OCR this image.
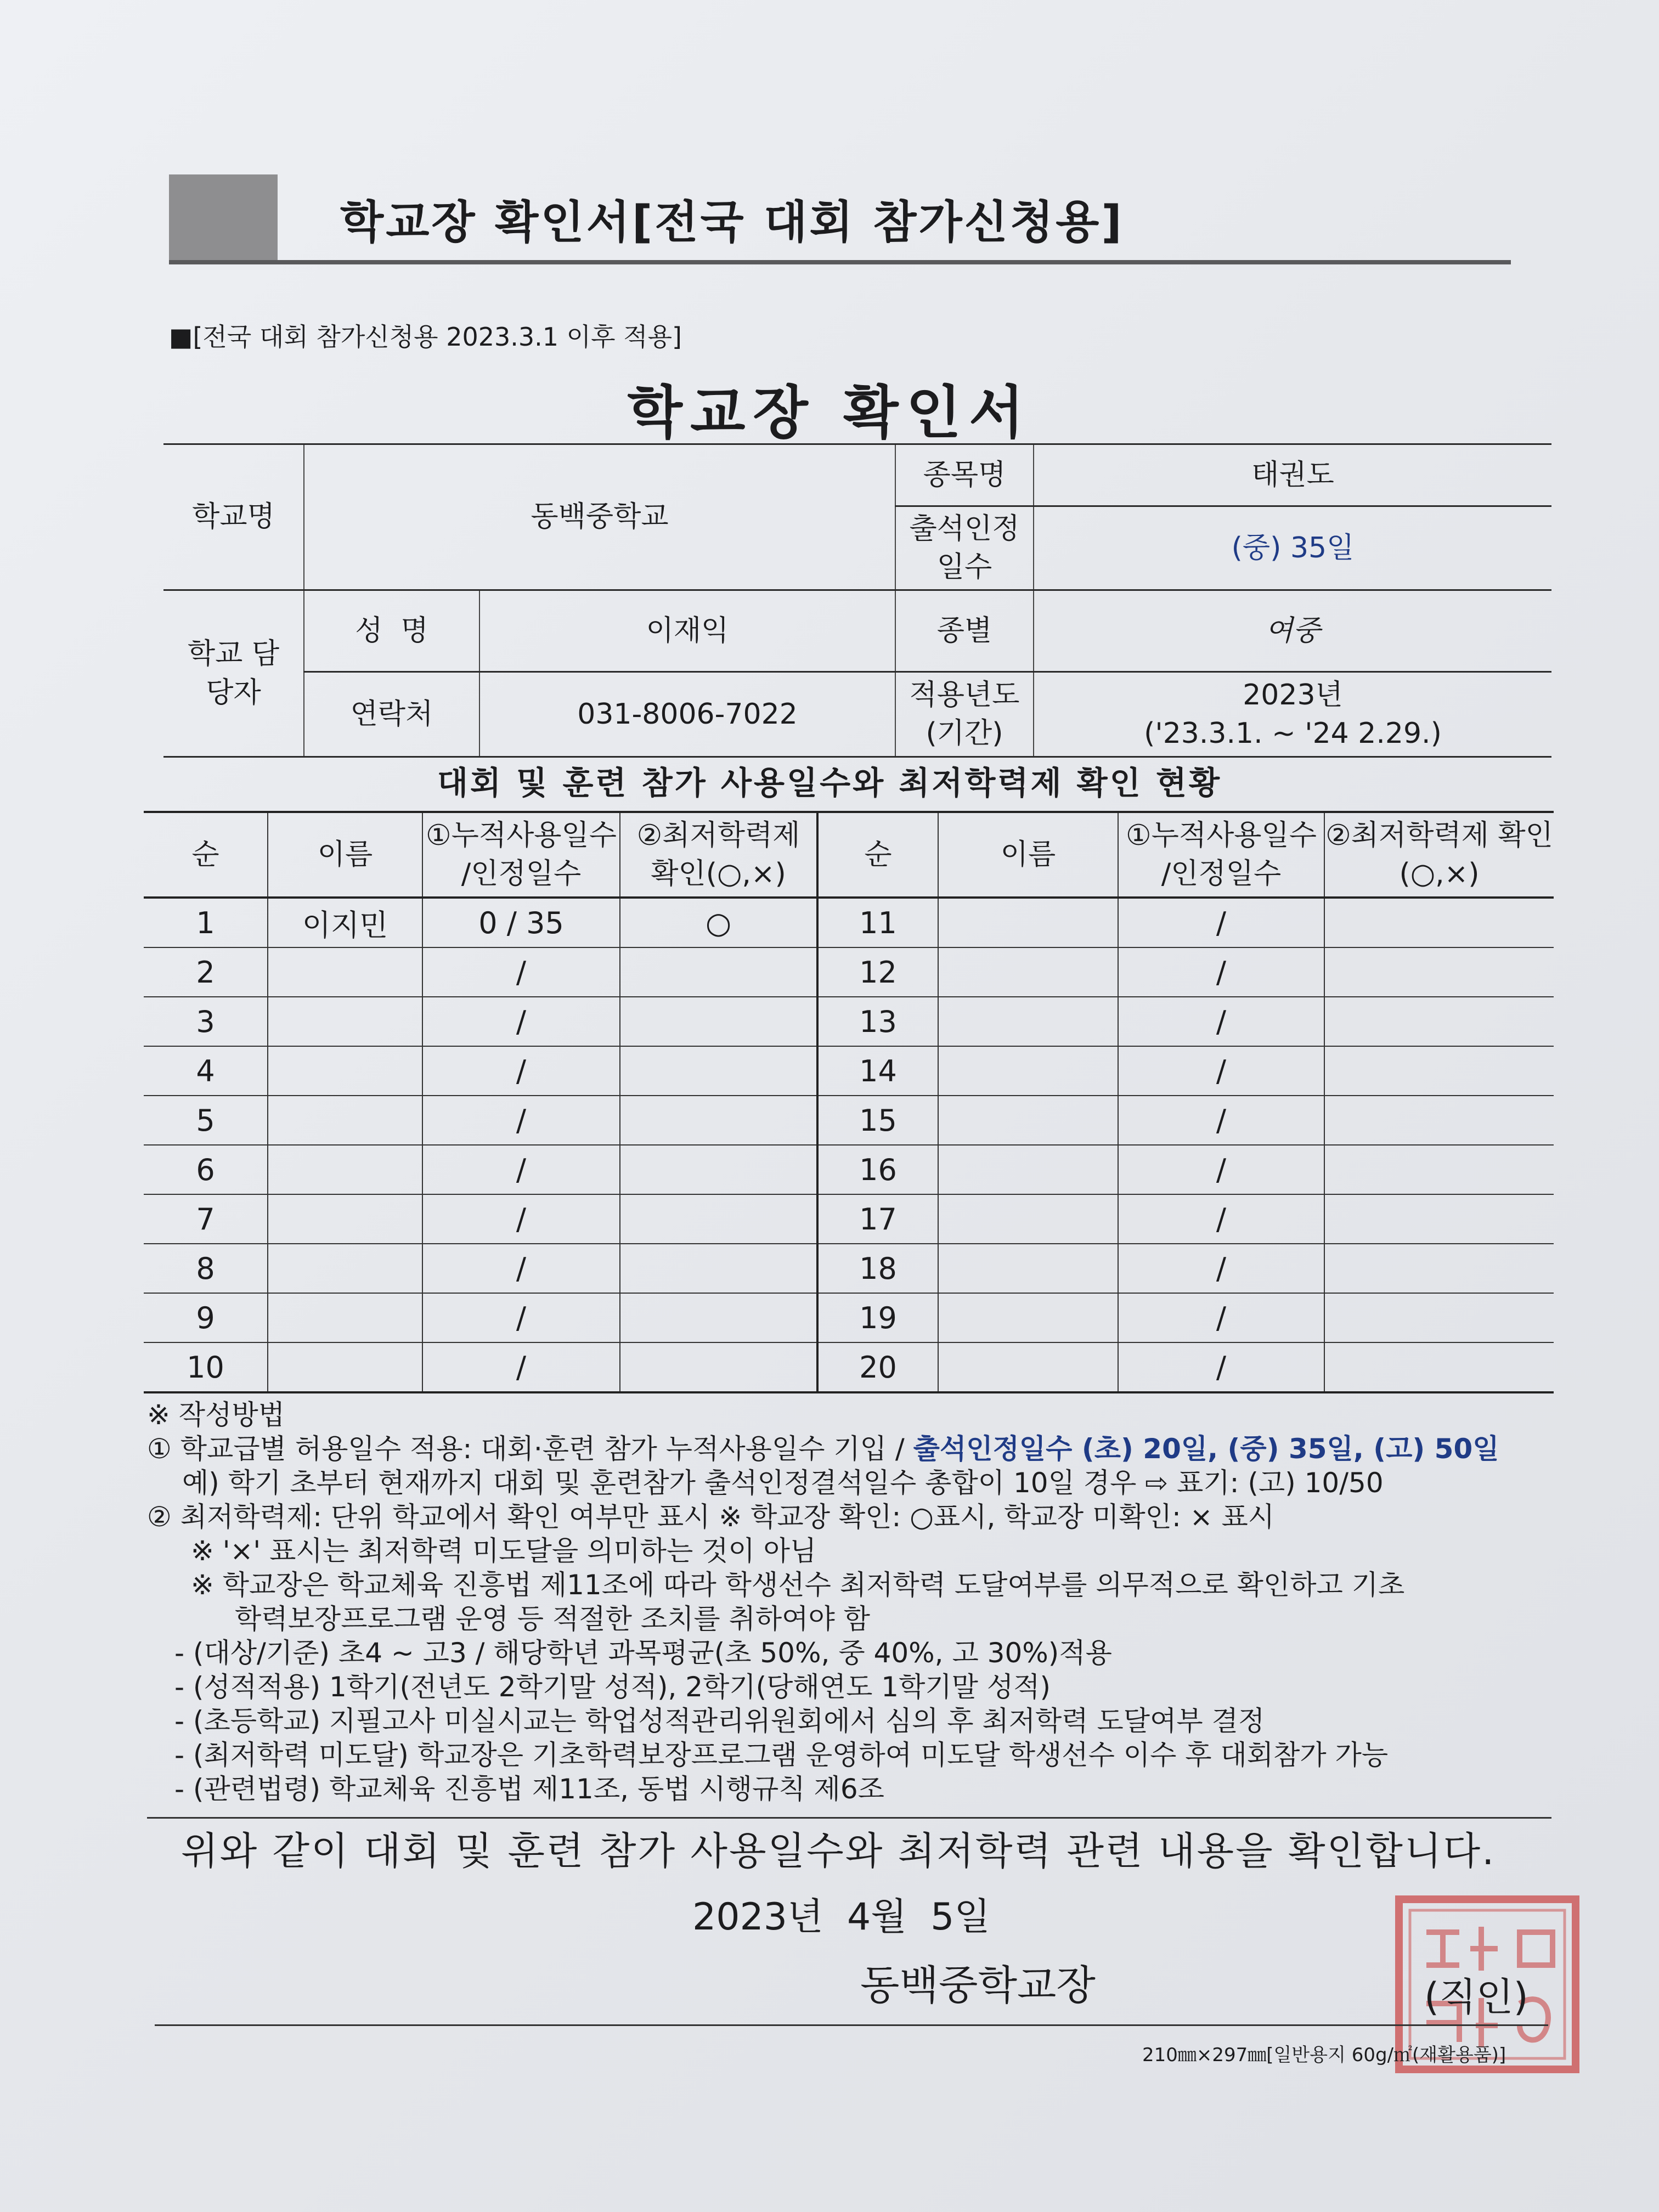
학교장 확인서[전국 대회 참가신청용]
■[전국 대회 참가신청용 2023.3.1 이후 적용]
학교장 확인서
학교명	동백중학교		종목명	태권도
			출석인정 일수	(중) 35일
학교 담당자	성  명	이재익	종별	여중
	연락처	031-8006-7022	적용년도 (기간)	2023년
('23.3.1. ~ '24 2.29.)
대회 및 훈련 참가 사용일수와 최저학력제 확인 현황
순	이름	①누적사용일수 /인정일수	②최저학력제 확인(○,×)	순	이름	①누적사용일수 /인정일수	②최저학력제 확인(○,×)
1	이지민	0 / 35	○	11		/	
2		/		12		/	
3		/		13		/	
4		/		14		/	
5		/		15		/	
6		/		16		/	
7		/		17		/	
8		/		18		/	
9		/		19		/	
10		/		20		/	
※ 작성방법
① 학교급별 허용일수 적용: 대회·훈련 참가 누적사용일수 기입 / 출석인정일수 (초) 20일, (중) 35일, (고) 50일
예) 학기 초부터 현재까지 대회 및 훈련참가 출석인정결석일수 총합이 10일 경우 ⇨ 표기: (고) 10/50
② 최저학력제: 단위 학교에서 확인 여부만 표시 ※ 학교장 확인: ○표시, 학교장 미확인: × 표시
※ '×' 표시는 최저학력 미도달을 의미하는 것이 아님
※ 학교장은 학교체육 진흥법 제11조에 따라 학생선수 최저학력 도달여부를 의무적으로 확인하고 기초
학력보장프로그램 운영 등 적절한 조치를 취하여야 함
- (대상/기준) 초4 ~ 고3 / 해당학년 과목평균(초 50%, 중 40%, 고 30%)적용
- (성적적용) 1학기(전년도 2학기말 성적), 2학기(당해연도 1학기말 성적)
- (초등학교) 지필고사 미실시교는 학업성적관리위원회에서 심의 후 최저학력 도달여부 결정
- (최저학력 미도달) 학교장은 기초학력보장프로그램 운영하여 미도달 학생선수 이수 후 대회참가 가능
- (관련법령) 학교체육 진흥법 제11조, 동법 시행규칙 제6조
위와 같이 대회 및 훈련 참가 사용일수와 최저학력 관련 내용을 확인합니다.
2023년  4월  5일
동백중학교장	(직인)
210㎜×297㎜[일반용지 60g/㎡(재활용품)]
